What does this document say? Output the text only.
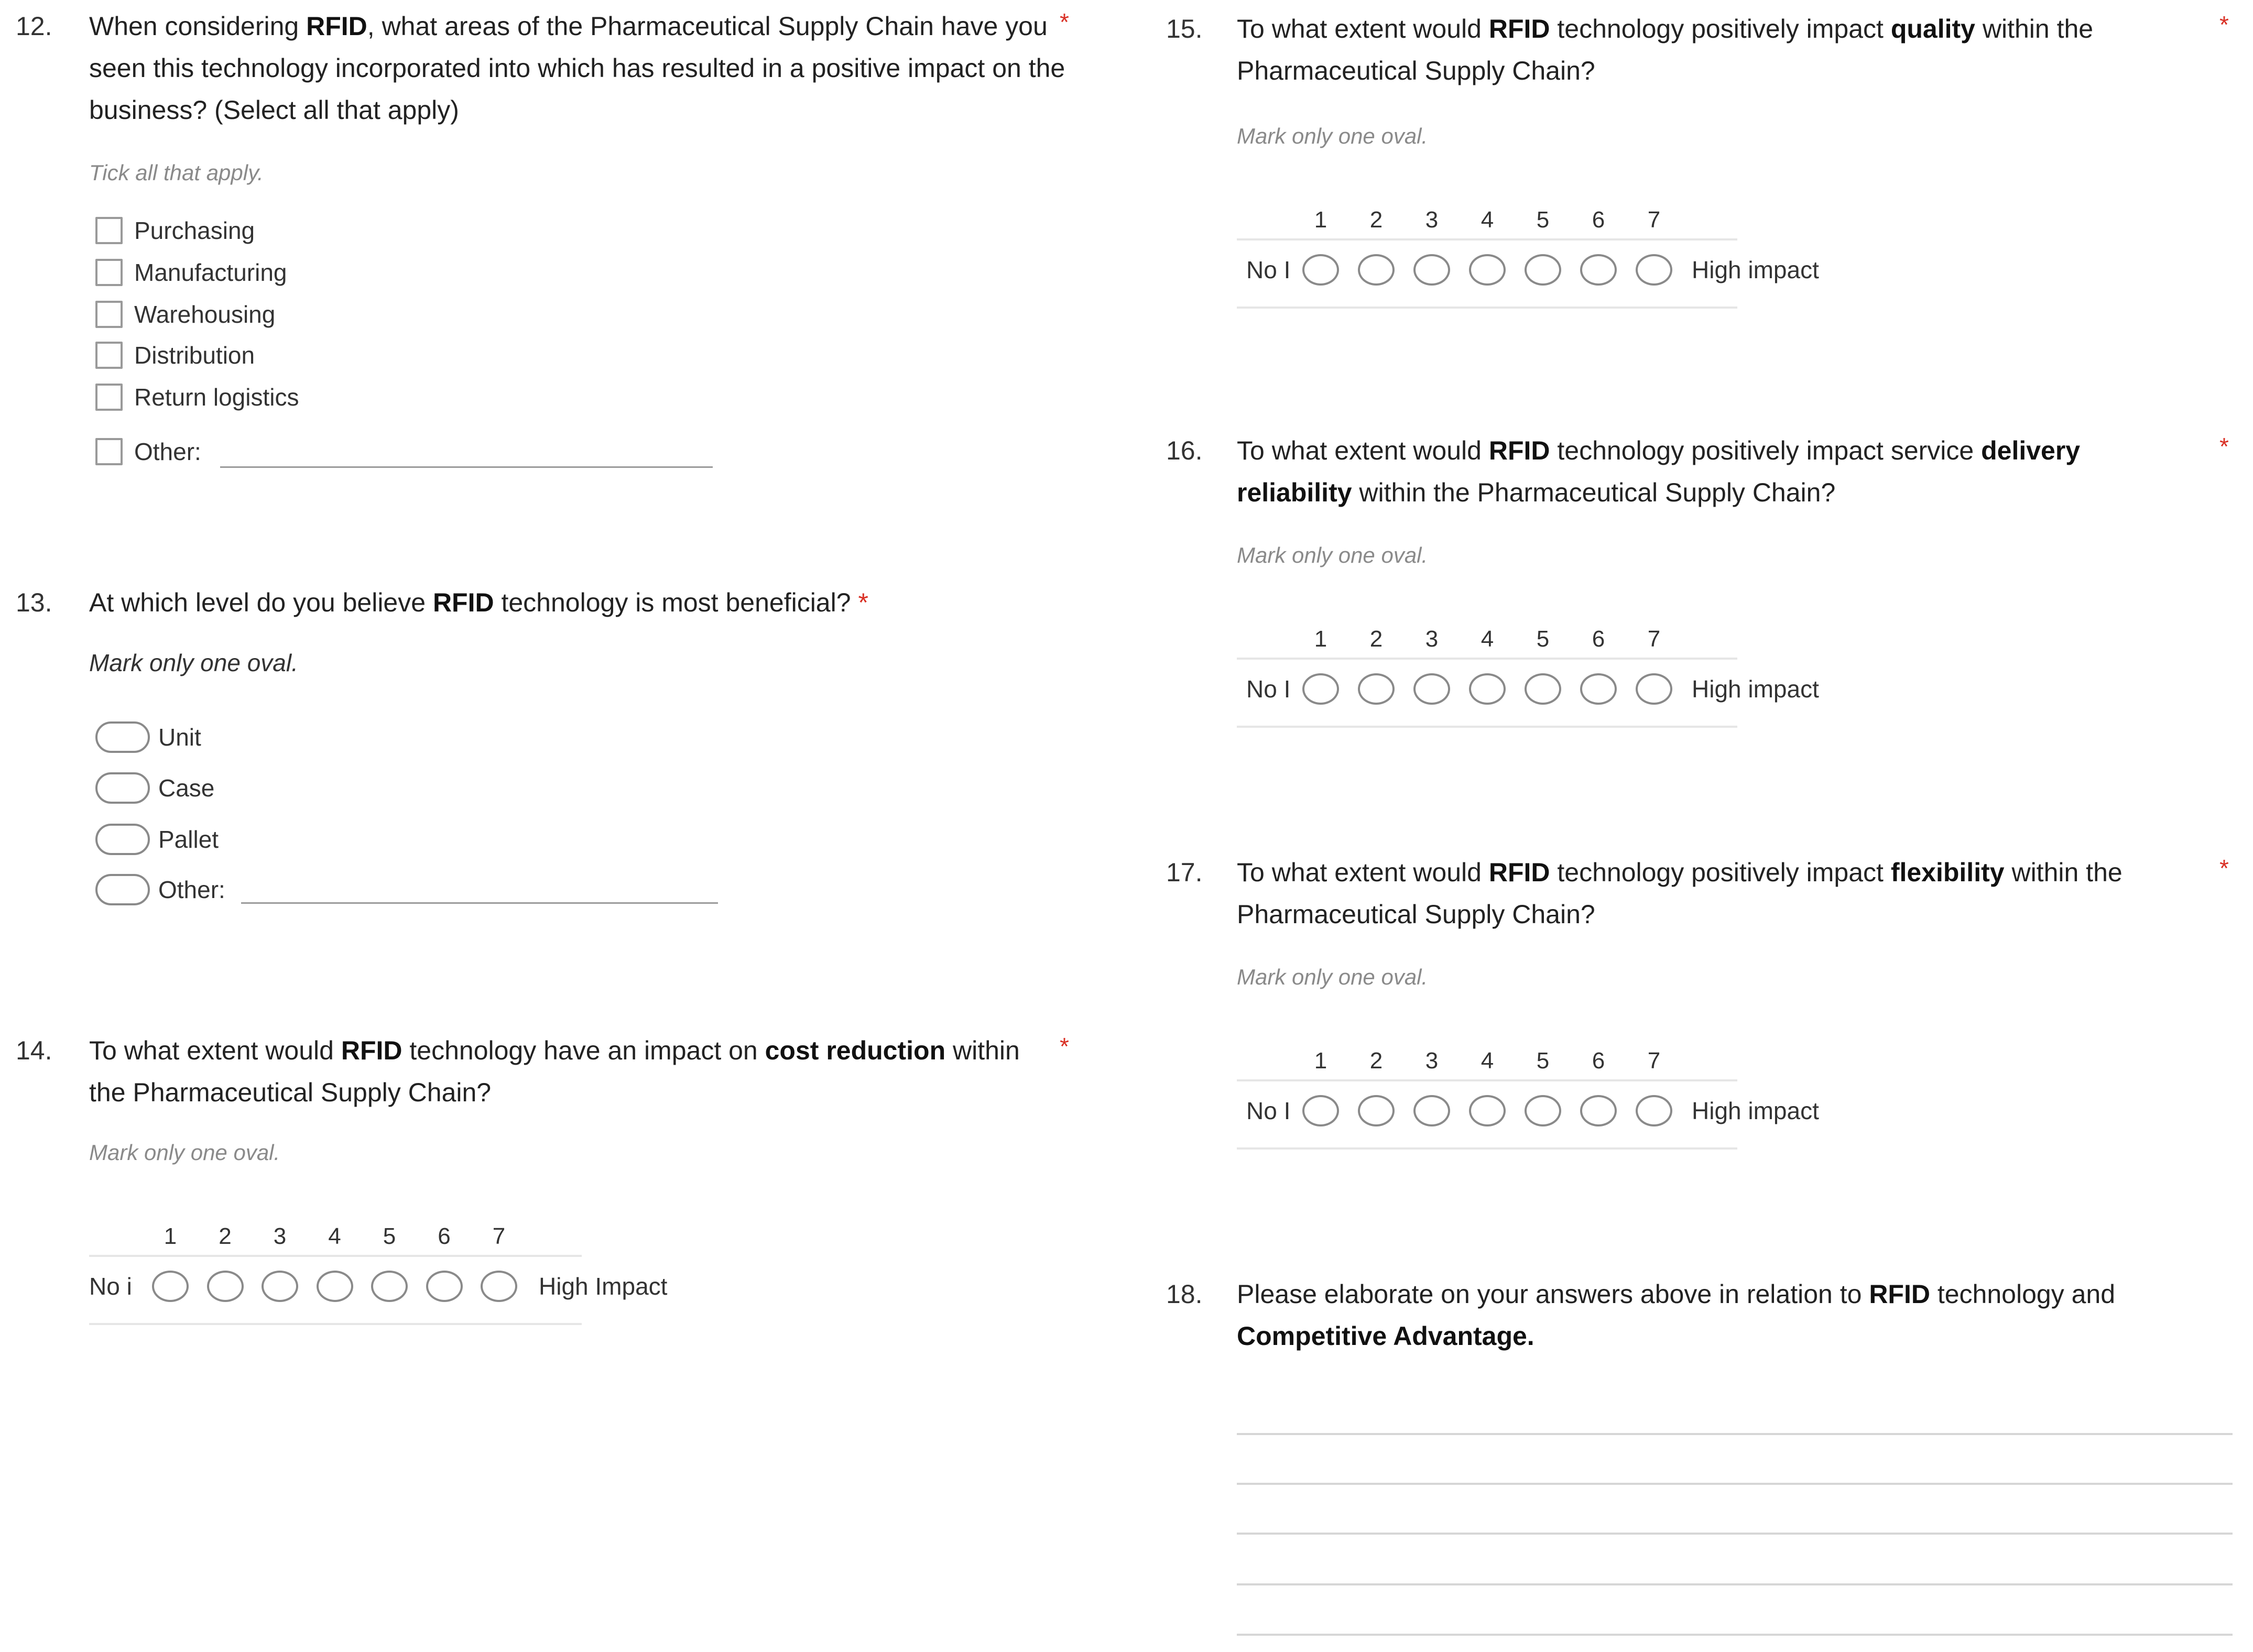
12. When considering RFID, what areas of the Pharmaceutical Supply Chain have you seen this technology incorporated into which has resulted in a positive impact on the business? (Select all that apply)
*
Tick all that apply.
Purchasing
Manufacturing
Warehousing
Distribution
Return logistics
Other:
13. At which level do you believe RFID technology is most beneficial? *
Mark only one oval.
Unit
Case
Pallet
Other:
14. To what extent would RFID technology have an impact on cost reduction within the Pharmaceutical Supply Chain?
*
Mark only one oval.
1	2	3	4	5	6	7
No i	High Impact
15. To what extent would RFID technology positively impact quality within the Pharmaceutical Supply Chain?
*
Mark only one oval.
1	2	3	4	5	6	7
No I	High impact
16. To what extent would RFID technology positively impact service delivery reliability within the Pharmaceutical Supply Chain?
*
Mark only one oval.
1	2	3	4	5	6	7
No I	High impact
17. To what extent would RFID technology positively impact flexibility within the Pharmaceutical Supply Chain?
*
Mark only one oval.
1	2	3	4	5	6	7
No I	High impact
18. Please elaborate on your answers above in relation to RFID technology and Competitive Advantage.
